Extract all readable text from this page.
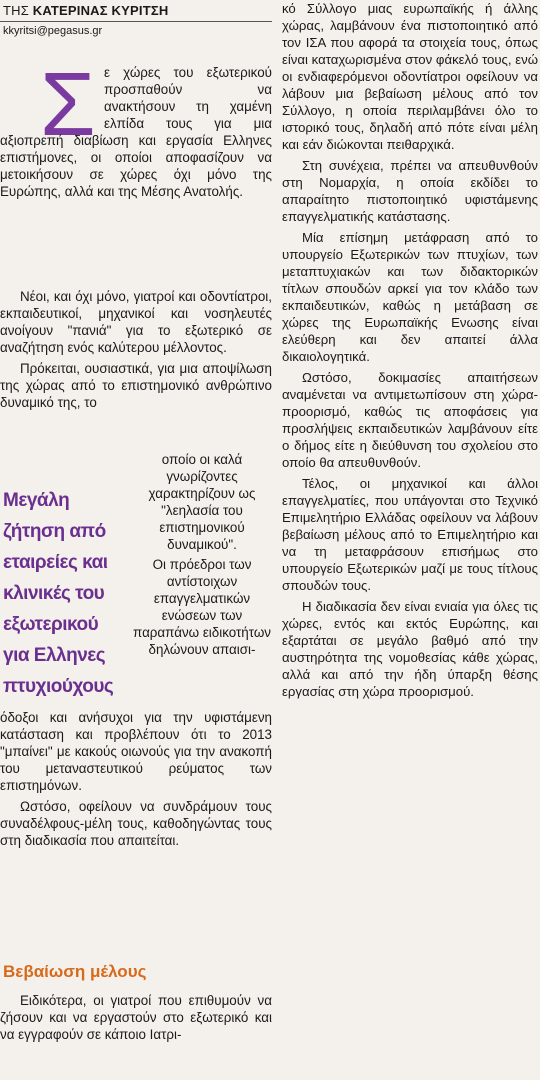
ΤΗΣ ΚΑΤΕΡΙΝΑΣ ΚΥΡΙΤΣΗ
kkyritsi@pegasus.gr
Σ ε χώρες του εξωτερικού προσπαθούν να ανακτήσουν τη χαμένη ελπίδα τους για μια αξιοπρεπή διαβίωση και εργασία Ελληνες επιστήμονες, οι οποίοι αποφασίζουν να μετοικήσουν σε χώρες όχι μόνο της Ευρώπης, αλλά και της Μέσης Ανατολής.

Νέοι, και όχι μόνο, γιατροί και οδοντίατροι, εκπαιδευτικοί, μηχανικοί και νοσηλευτές ανοίγουν "πανιά" για το εξωτερικό σε αναζήτηση ενός καλύτερου μέλλοντος.

Πρόκειται, ουσιαστικά, για μια αποψίλωση της χώρας από το επιστημονικό ανθρώπινο δυναμικό της, το

Μεγάλη ζήτηση από εταιρείες και κλινικές του εξωτερικού για Ελληνες πτυχιούχους

οποίο οι καλά γνωρίζοντες χαρακτηρίζουν ως "λεηλασία του επιστημονικού δυναμικού".

Οι πρόεδροι των αντίστοιχων επαγγελματικών ενώσεων των παραπάνω ειδικοτήτων δηλώνουν απαισι-

όδοξοι και ανήσυχοι για την υφιστάμενη κατάσταση και προβλέπουν ότι το 2013 "μπαίνει" με κακούς οιωνούς για την ανακοπή του μεταναστευτικού ρεύματος των επιστημόνων.

Ωστόσο, οφείλουν να συνδράμουν τους συναδέλφους-μέλη τους, καθοδηγώντας τους στη διαδικασία που απαιτείται.

Βεβαίωση μέλους

Ειδικότερα, οι γιατροί που επιθυμούν να ζήσουν και να εργαστούν στο εξωτερικό και να εγγραφούν σε κάποιο Ιατρι-

κό Σύλλογο μιας ευρωπαϊκής ή άλλης χώρας, λαμβάνουν ένα πιστοποιητικό από τον ΙΣΑ που αφορά τα στοιχεία τους, όπως είναι καταχωρισμένα στον φάκελό τους, ενώ οι ενδιαφερόμενοι οδοντίατροι οφείλουν να λάβουν μια βεβαίωση μέλους από τον Σύλλογο, η οποία περιλαμβάνει όλο το ιστορικό τους, δηλαδή από πότε είναι μέλη και εάν διώκονται πειθαρχικά.

Στη συνέχεια, πρέπει να απευθυνθούν στη Νομαρχία, η οποία εκδίδει το απαραίτητο πιστοποιητικό υφιστάμενης επαγγελματικής κατάστασης.

Μία επίσημη μετάφραση από το υπουργείο Εξωτερικών των πτυχίων, των μεταπτυχιακών και των διδακτορικών τίτλων σπουδών αρκεί για τον κλάδο των εκπαιδευτικών, καθώς η μετάβαση σε χώρες της Ευρωπαϊκής Ενωσης είναι ελεύθερη και δεν απαιτεί άλλα δικαιολογητικά.

Ωστόσο, δοκιμασίες απαιτήσεων αναμένεται να αντιμετωπίσουν στη χώρα-προορισμό, καθώς τις αποφάσεις για προσλήψεις εκπαιδευτικών λαμβάνουν είτε ο δήμος είτε η διεύθυνση του σχολείου στο οποίο θα απευθυνθούν.

Τέλος, οι μηχανικοί και άλλοι επαγγελματίες, που υπάγονται στο Τεχνικό Επιμελητήριο Ελλάδας οφείλουν να λάβουν βεβαίωση μέλους από το Επιμελητήριο και να τη μεταφράσουν επισήμως στο υπουργείο Εξωτερικών μαζί με τους τίτλους σπουδών τους.

Η διαδικασία δεν είναι ενιαία για όλες τις χώρες, εντός και εκτός Ευρώπης, και εξαρτάται σε μεγάλο βαθμό από την αυστηρότητα της νομοθεσίας κάθε χώρας, αλλά και από την ήδη ύπαρξη θέσης εργασίας στη χώρα προορισμού.
